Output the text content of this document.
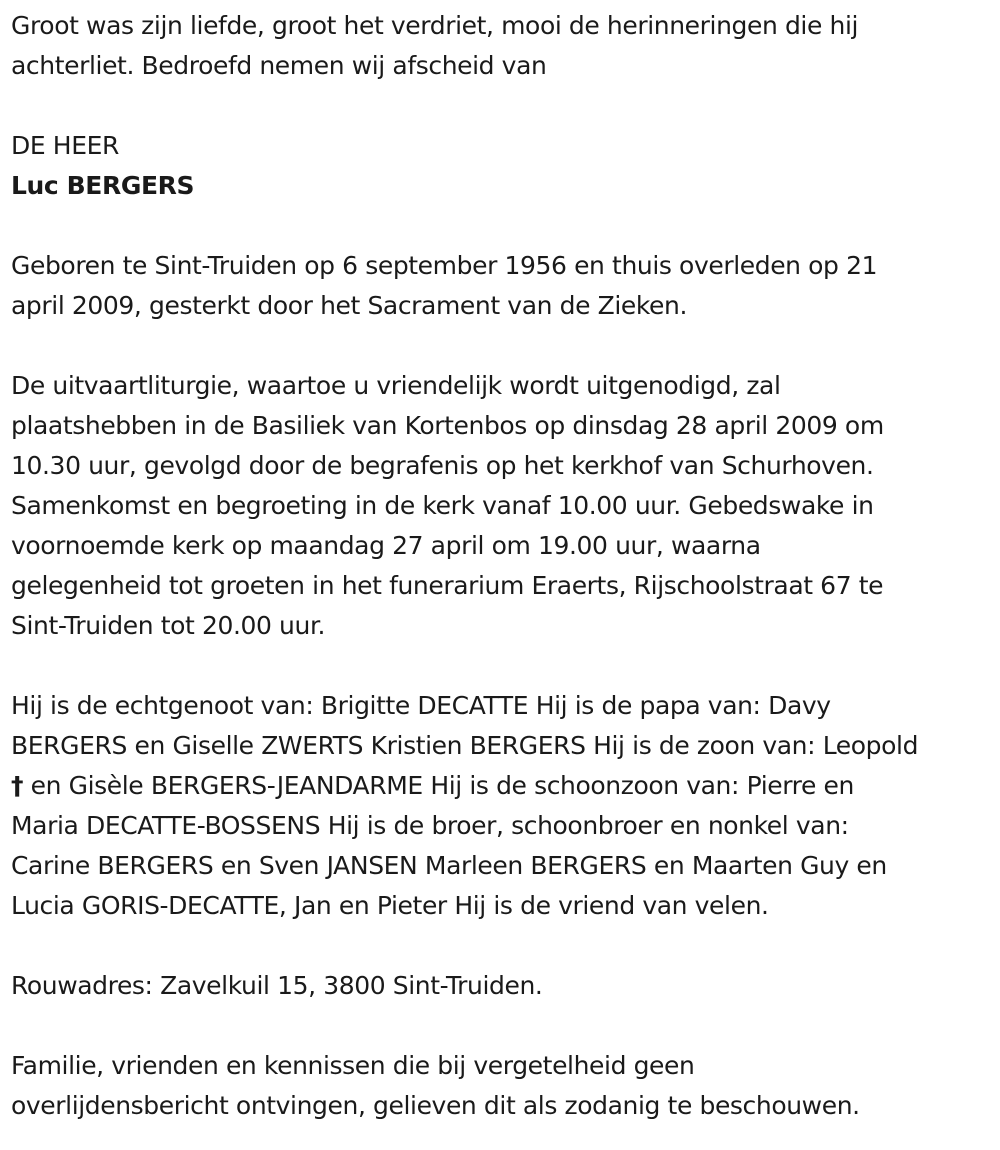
Groot was zijn liefde, groot het verdriet, mooi de herinneringen die hij
achterliet. Bedroefd nemen wij afscheid van

DE HEER

Luc BERGERS

Geboren te Sint-Truiden op 6 september 1956 en thuis overleden op 21
april 2009, gesterkt door het Sacrament van de Zieken.

De uitvaartliturgie, waartoe u vriendelijk wordt uitgenodigd, zal
plaatshebben in de Basiliek van Kortenbos op dinsdag 28 april 2009 om
10.30 uur, gevolgd door de begrafenis op het kerkhof van Schurhoven.
Samenkomst en begroeting in de kerk vanaf 10.00 uur. Gebedswake in
voornoemde kerk op maandag 27 april om 19.00 uur, waarna
gelegenheid tot groeten in het funerarium Eraerts, Rijschoolstraat 67 te
Sint-Truiden tot 20.00 uur.

Hij is de echtgenoot van: Brigitte DECATTE Hij is de papa van: Davy
BERGERS en Giselle ZWERTS Kristien BERGERS Hij is de zoon van: Leopold
† en Gisèle BERGERS-JEANDARME Hij is de schoonzoon van: Pierre en
Maria DECATTE-BOSSENS Hij is de broer, schoonbroer en nonkel van:
Carine BERGERS en Sven JANSEN Marleen BERGERS en Maarten Guy en
Lucia GORIS-DECATTE, Jan en Pieter Hij is de vriend van velen.

Rouwadres: Zavelkuil 15, 3800 Sint-Truiden.

Familie, vrienden en kennissen die bij vergetelheid geen
overlijdensbericht ontvingen, gelieven dit als zodanig te beschouwen.
